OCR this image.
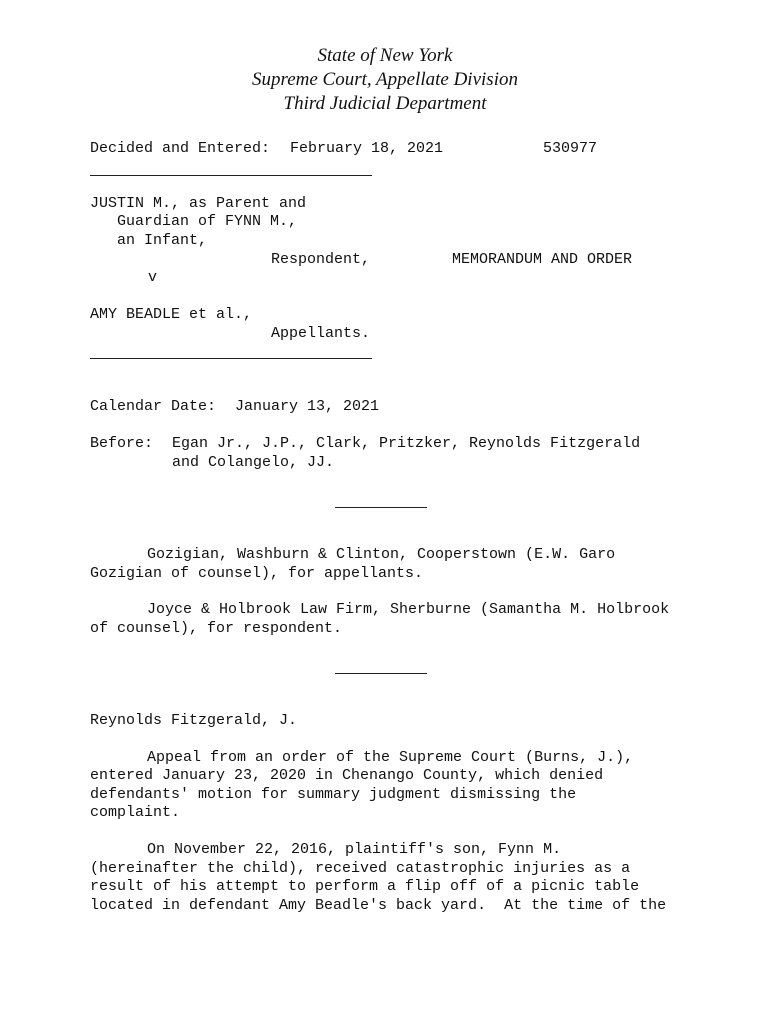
State of New York
Supreme Court, Appellate Division
Third Judicial Department
Decided and Entered: February 18, 2021	530977
JUSTIN M., as Parent and
Guardian of FYNN M.,
an Infant,
Respondent,	MEMORANDUM AND ORDER
v
AMY BEADLE et al.,
Appellants.
Calendar Date: January 13, 2021
Before: Egan Jr., J.P., Clark, Pritzker, Reynolds Fitzgerald
and Colangelo, JJ.
Gozigian, Washburn & Clinton, Cooperstown (E.W. Garo
Gozigian of counsel), for appellants.
Joyce & Holbrook Law Firm, Sherburne (Samantha M. Holbrook
of counsel), for respondent.
Reynolds Fitzgerald, J.
Appeal from an order of the Supreme Court (Burns, J.),
entered January 23, 2020 in Chenango County, which denied
defendants' motion for summary judgment dismissing the
complaint.
On November 22, 2016, plaintiff's son, Fynn M.
(hereinafter the child), received catastrophic injuries as a
result of his attempt to perform a flip off of a picnic table
located in defendant Amy Beadle's back yard.  At the time of the
